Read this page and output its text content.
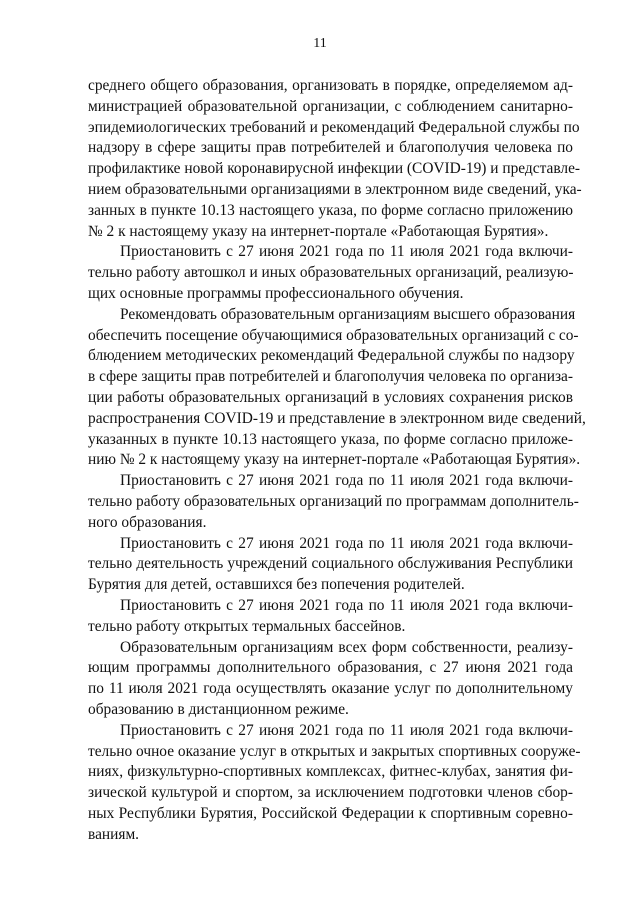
11
среднего общего образования, организовать в порядке, определяемом ад-
министрацией образовательной организации, с соблюдением санитарно-
эпидемиологических требований и рекомендаций Федеральной службы по
надзору в сфере защиты прав потребителей и благополучия человека по
профилактике новой коронавирусной инфекции (COVID-19) и представле-
нием образовательными организациями в электронном виде сведений, ука-
занных в пункте 10.13 настоящего указа, по форме согласно приложению
№ 2 к настоящему указу на интернет-портале «Работающая Бурятия».
Приостановить с 27 июня 2021 года по 11 июля 2021 года включи-
тельно работу автошкол и иных образовательных организаций, реализую-
щих основные программы профессионального обучения.
Рекомендовать образовательным организациям высшего образования
обеспечить посещение обучающимися образовательных организаций с со-
блюдением методических рекомендаций Федеральной службы по надзору
в сфере защиты прав потребителей и благополучия человека по организа-
ции работы образовательных организаций в условиях сохранения рисков
распространения COVID-19 и представление в электронном виде сведений,
указанных в пункте 10.13 настоящего указа, по форме согласно приложе-
нию № 2 к настоящему указу на интернет-портале «Работающая Бурятия».
Приостановить с 27 июня 2021 года по 11 июля 2021 года включи-
тельно работу образовательных организаций по программам дополнитель-
ного образования.
Приостановить с 27 июня 2021 года по 11 июля 2021 года включи-
тельно деятельность учреждений социального обслуживания Республики
Бурятия для детей, оставшихся без попечения родителей.
Приостановить с 27 июня 2021 года по 11 июля 2021 года включи-
тельно работу открытых термальных бассейнов.
Образовательным организациям всех форм собственности, реализу-
ющим программы дополнительного образования, с 27 июня 2021 года
по 11 июля 2021 года осуществлять оказание услуг по дополнительному
образованию в дистанционном режиме.
Приостановить с 27 июня 2021 года по 11 июля 2021 года включи-
тельно очное оказание услуг в открытых и закрытых спортивных сооруже-
ниях, физкультурно-спортивных комплексах, фитнес-клубах, занятия фи-
зической культурой и спортом, за исключением подготовки членов сбор-
ных Республики Бурятия, Российской Федерации к спортивным соревно-
ваниям.
